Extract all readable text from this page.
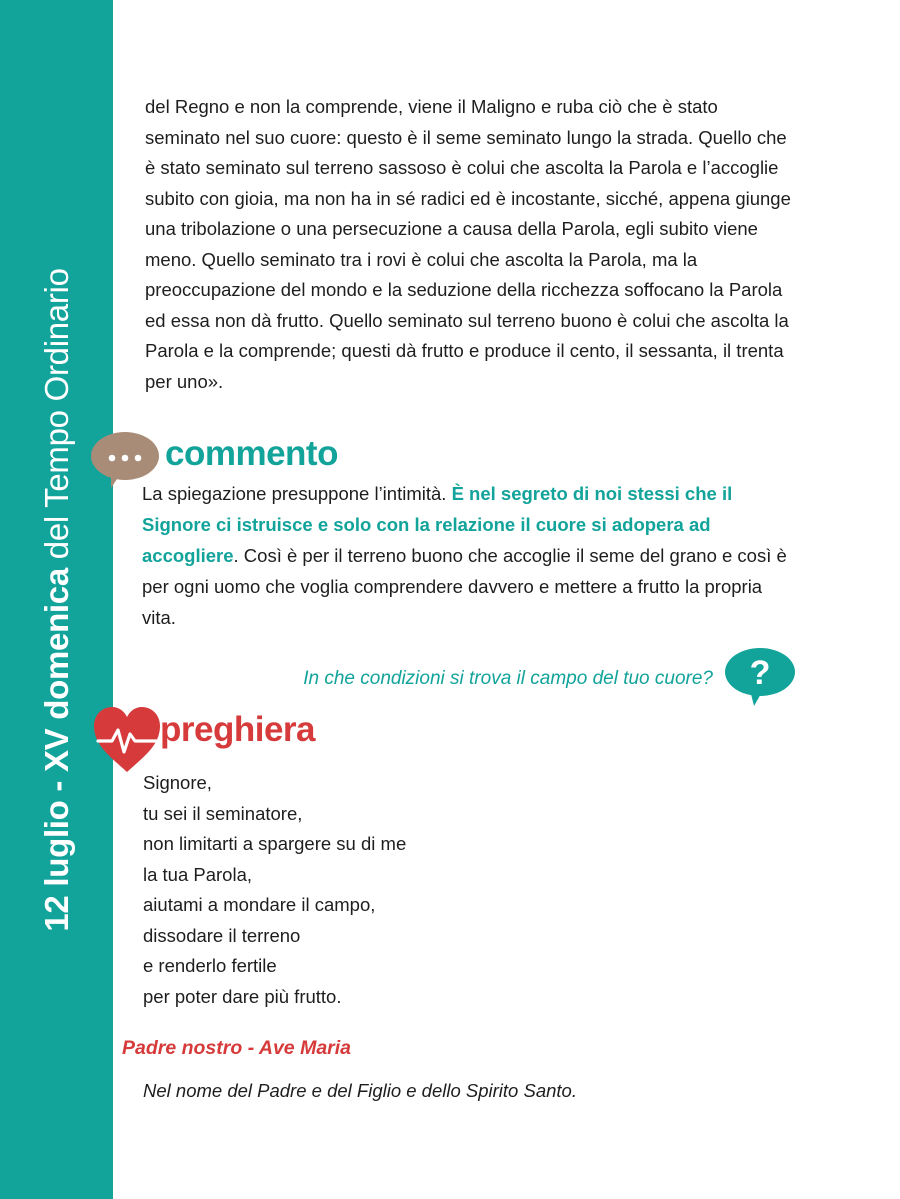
12 luglio - XV domenica del Tempo Ordinario

del Regno e non la comprende, viene il Maligno e ruba ciò che è stato seminato nel suo cuore: questo è il seme seminato lungo la strada. Quello che è stato seminato sul terreno sassoso è colui che ascolta la Parola e l’accoglie subito con gioia, ma non ha in sé radici ed è incostante, sicché, appena giunge una tribolazione o una persecuzione a causa della Parola, egli subito viene meno. Quello seminato tra i rovi è colui che ascolta la Parola, ma la preoccupazione del mondo e la seduzione della ricchezza soffocano la Parola ed essa non dà frutto. Quello seminato sul terreno buono è colui che ascolta la Parola e la comprende; questi dà frutto e produce il cento, il sessanta, il trenta per uno».

commento

La spiegazione presuppone l’intimità. È nel segreto di noi stessi che il Signore ci istruisce e solo con la relazione il cuore si adopera ad accogliere. Così è per il terreno buono che accoglie il seme del grano e così è per ogni uomo che voglia comprendere davvero e mettere a frutto la propria vita.

In che condizioni si trova il campo del tuo cuore? ?
preghiera
Signore,
tu sei il seminatore,
non limitarti a spargere su di me
la tua Parola,
aiutami a mondare il campo,
dissodare il terreno
e renderlo fertile
per poter dare più frutto.
Padre nostro - Ave Maria
Nel nome del Padre e del Figlio e dello Spirito Santo.
